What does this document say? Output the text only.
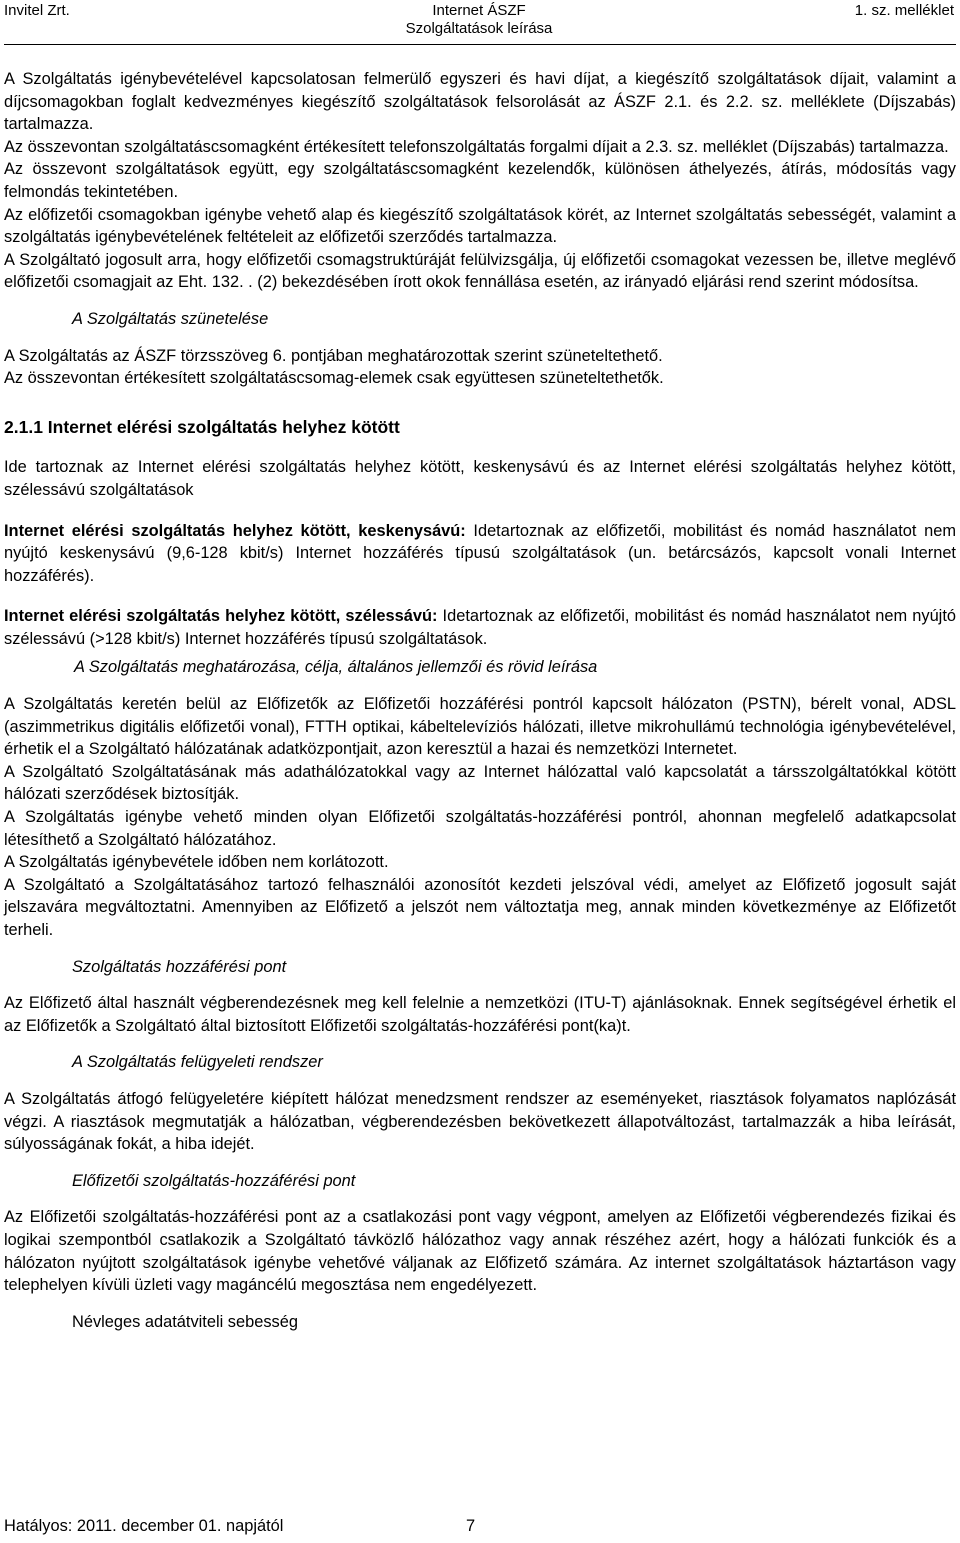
Invitel Zrt.	Internet ÁSZF
Szolgáltatások leírása
1. sz. melléklet

A Szolgáltatás igénybevételével kapcsolatosan felmerülő egyszeri és havi díjat, a kiegészítő szolgáltatások díjait, valamint a díjcsomagokban foglalt kedvezményes kiegészítő szolgáltatások felsorolását az ÁSZF 2.1. és 2.2. sz. melléklete (Díjszabás) tartalmazza.

Az összevontan szolgáltatáscsomagként értékesített telefonszolgáltatás forgalmi díjait a 2.3. sz. melléklet (Díjszabás) tartalmazza.

Az összevont szolgáltatások együtt, egy szolgáltatáscsomagként kezelendők, különösen áthelyezés, átírás, módosítás vagy felmondás tekintetében.

Az előfizetői csomagokban igénybe vehető alap és kiegészítő szolgáltatások körét, az Internet szolgáltatás sebességét, valamint a szolgáltatás igénybevételének feltételeit az előfizetői szerződés tartalmazza.

A Szolgáltató jogosult arra, hogy előfizetői csomagstruktúráját felülvizsgálja, új előfizetői csomagokat vezessen be, illetve meglévő előfizetői csomagjait az Eht. 132. . (2) bekezdésében írott okok fennállása esetén, az irányadó eljárási rend szerint módosítsa.

A Szolgáltatás szünetelése

A Szolgáltatás az ÁSZF törzsszöveg 6. pontjában meghatározottak szerint szüneteltethető.

Az összevontan értékesített szolgáltatáscsomag-elemek csak együttesen szüneteltethetők.

2.1.1 Internet elérési szolgáltatás helyhez kötött

Ide tartoznak az Internet elérési szolgáltatás helyhez kötött, keskenysávú és az Internet elérési szolgáltatás helyhez kötött, szélessávú szolgáltatások

Internet elérési szolgáltatás helyhez kötött, keskenysávú: Idetartoznak az előfizetői, mobilitást és nomád használatot nem nyújtó keskenysávú (9,6-128 kbit/s) Internet hozzáférés típusú szolgáltatások (un. betárcsázós, kapcsolt vonali Internet hozzáférés).

Internet elérési szolgáltatás helyhez kötött, szélessávú: Idetartoznak az előfizetői, mobilitást és nomád használatot nem nyújtó szélessávú (>128 kbit/s) Internet hozzáférés típusú szolgáltatások.

A Szolgáltatás meghatározása, célja, általános jellemzői és rövid leírása

A Szolgáltatás keretén belül az Előfizetők az Előfizetői hozzáférési pontról kapcsolt hálózaton (PSTN), bérelt vonal, ADSL (aszimmetrikus digitális előfizetői vonal), FTTH optikai, kábeltelevíziós hálózati, illetve mikrohullámú technológia igénybevételével, érhetik el a Szolgáltató hálózatának adatközpontjait, azon keresztül a hazai és nemzetközi Internetet.

A Szolgáltató Szolgáltatásának más adathálózatokkal vagy az Internet hálózattal való kapcsolatát a társszolgáltatókkal kötött hálózati szerződések biztosítják.

A Szolgáltatás igénybe vehető minden olyan Előfizetői szolgáltatás-hozzáférési pontról, ahonnan megfelelő adatkapcsolat létesíthető a Szolgáltató hálózatához.

A Szolgáltatás igénybevétele időben nem korlátozott.

A Szolgáltató a Szolgáltatásához tartozó felhasználói azonosítót kezdeti jelszóval védi, amelyet az Előfizető jogosult saját jelszavára megváltoztatni. Amennyiben az Előfizető a jelszót nem változtatja meg, annak minden következménye az Előfizetőt terheli.

Szolgáltatás hozzáférési pont

Az Előfizető által használt végberendezésnek meg kell felelnie a nemzetközi (ITU-T) ajánlásoknak. Ennek segítségével érhetik el az Előfizetők a Szolgáltató által biztosított Előfizetői szolgáltatás-hozzáférési pont(ka)t.

A Szolgáltatás felügyeleti rendszer

A Szolgáltatás átfogó felügyeletére kiépített hálózat menedzsment rendszer az eseményeket, riasztások folyamatos naplózását végzi. A riasztások megmutatják a hálózatban, végberendezésben bekövetkezett állapotváltozást, tartalmazzák a hiba leírását, súlyosságának fokát, a hiba idejét.

Előfizetői szolgáltatás-hozzáférési pont

Az Előfizetői szolgáltatás-hozzáférési pont az a csatlakozási pont vagy végpont, amelyen az Előfizetői végberendezés fizikai és logikai szempontból csatlakozik a Szolgáltató távközlő hálózathoz vagy annak részéhez azért, hogy a hálózati funkciók és a hálózaton nyújtott szolgáltatások igénybe vehetővé váljanak az Előfizető számára. Az internet szolgáltatások háztartáson vagy telephelyen kívüli üzleti vagy magáncélú megosztása nem engedélyezett.

Névleges adatátviteli sebesség

Hatályos: 2011. december 01. napjától	7
